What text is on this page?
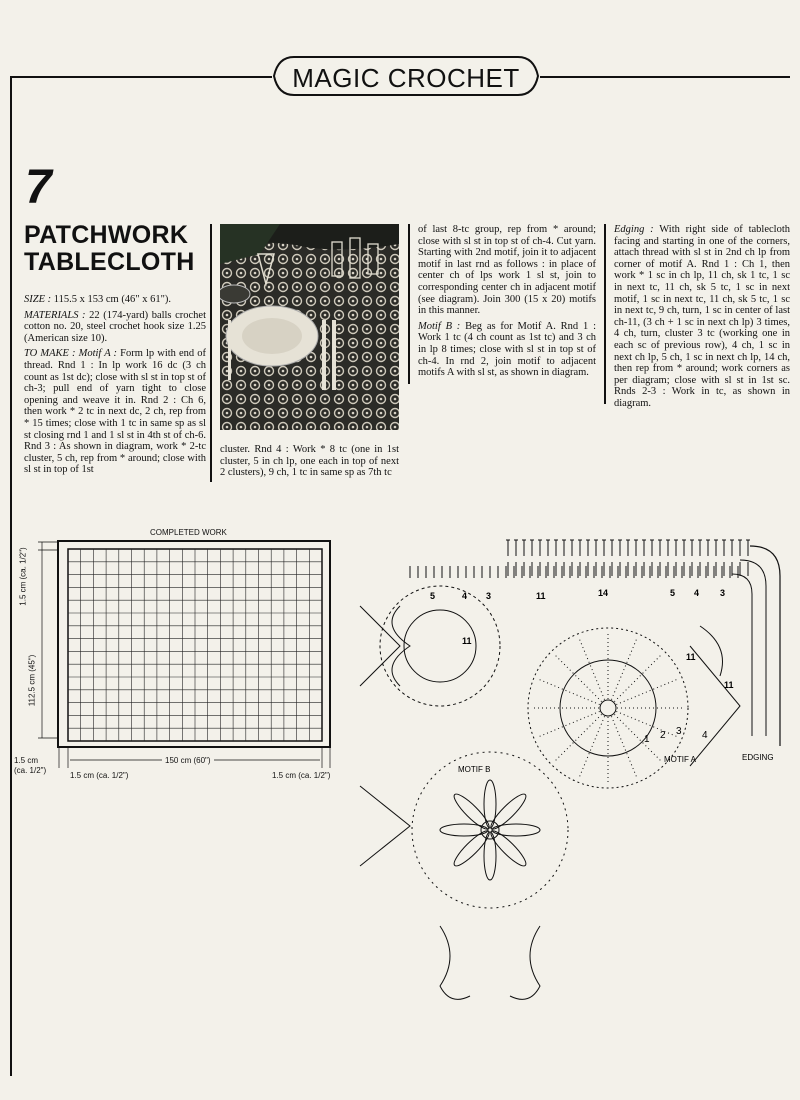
MAGIC CROCHET
7
PATCHWORK
TABLECLOTH

SIZE : 115.5 x 153 cm (46" x 61").

MATERIALS : 22 (174-yard) balls crochet cotton no. 20, steel crochet hook size 1.25 (American size 10).

TO MAKE : Motif A : Form lp with end of thread. Rnd 1 : In lp work 16 dc (3 ch count as 1st dc); close with sl st in top st of ch-3; pull end of yarn tight to close opening and weave it in. Rnd 2 : Ch 6, then work * 2 tc in next dc, 2 ch, rep from * 15 times; close with 1 tc in same sp as sl st closing rnd 1 and 1 sl st in 4th st of ch-6. Rnd 3 : As shown in diagram, work * 2-tc cluster, 5 ch, rep from * around; close with sl st in top of 1st

cluster. Rnd 4 : Work * 8 tc (one in 1st cluster, 5 in ch lp, one each in top of next 2 clusters), 9 ch, 1 tc in same sp as 7th tc

of last 8-tc group, rep from * around; close with sl st in top st of ch-4. Cut yarn. Starting with 2nd motif, join it to adjacent motif in last rnd as follows : in place of center ch of lps work 1 sl st, join to corresponding center ch in adjacent motif (see diagram). Join 300 (15 x 20) motifs in this manner.

Motif B : Beg as for Motif A. Rnd 1 : Work 1 tc (4 ch count as 1st tc) and 3 ch in lp 8 times; close with sl st in top st of ch-4. In rnd 2, join motif to adjacent motifs A with sl st, as shown in diagram.

Edging : With right side of tablecloth facing and starting in one of the corners, attach thread with sl st in 2nd ch lp from corner of motif A. Rnd 1 : Ch 1, then work * 1 sc in ch lp, 11 ch, sk 1 tc, 1 sc in next tc, 11 ch, sk 5 tc, 1 sc in next motif, 1 sc in next tc, 11 ch, sk 5 tc, 1 sc in next tc, 9 ch, turn, 1 sc in center of last ch-11, (3 ch + 1 sc in next ch lp) 3 times, 4 ch, turn, cluster 3 tc (working one in each sc of previous row), 4 ch, 1 sc in next ch lp, 5 ch, 1 sc in next ch lp, 14 ch, then rep from * around; work corners as per diagram; close with sl st in 1st sc. Rnds 2-3 : Work in tc, as shown in diagram.

COMPLETED WORK
1.5 cm (ca. 1/2")
112.5 cm (45")
1.5 cm
(ca. 1/2")
150 cm (60")
1.5 cm (ca. 1/2")	1.5 cm (ca. 1/2")
5	4 3	11
11
14	5 4 3
11
11
1 2 3 4
MOTIF B
MOTIF A	EDGING
